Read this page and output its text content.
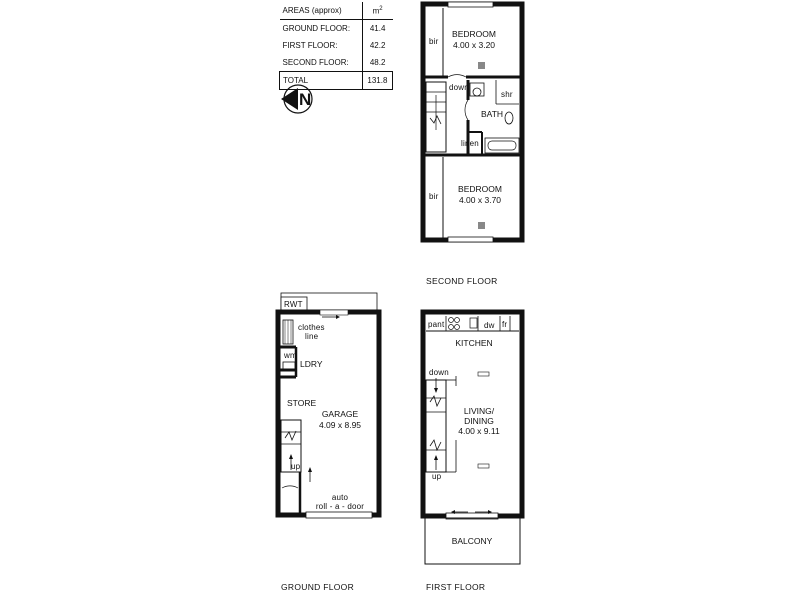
AREAS (approx)	$m^2$
GROUND FLOOR:	41.4
FIRST FLOOR:	42.2
SECOND FLOOR:	48.2
TOTAL	131.8
N
BEDROOM
4.00 x 3.20
BEDROOM
4.00 x 3.70
bir
bir
down
shr
BATH
linen
RWT
clothes
line
wm
LDRY
STORE
GARAGE
4.09 x 8.95
up
auto
roll - a - door
pant	dw fr
KITCHEN
down
LIVING/
DINING
4.00 x 9.11
up
BALCONY
SECOND FLOOR
GROUND FLOOR	FIRST FLOOR
